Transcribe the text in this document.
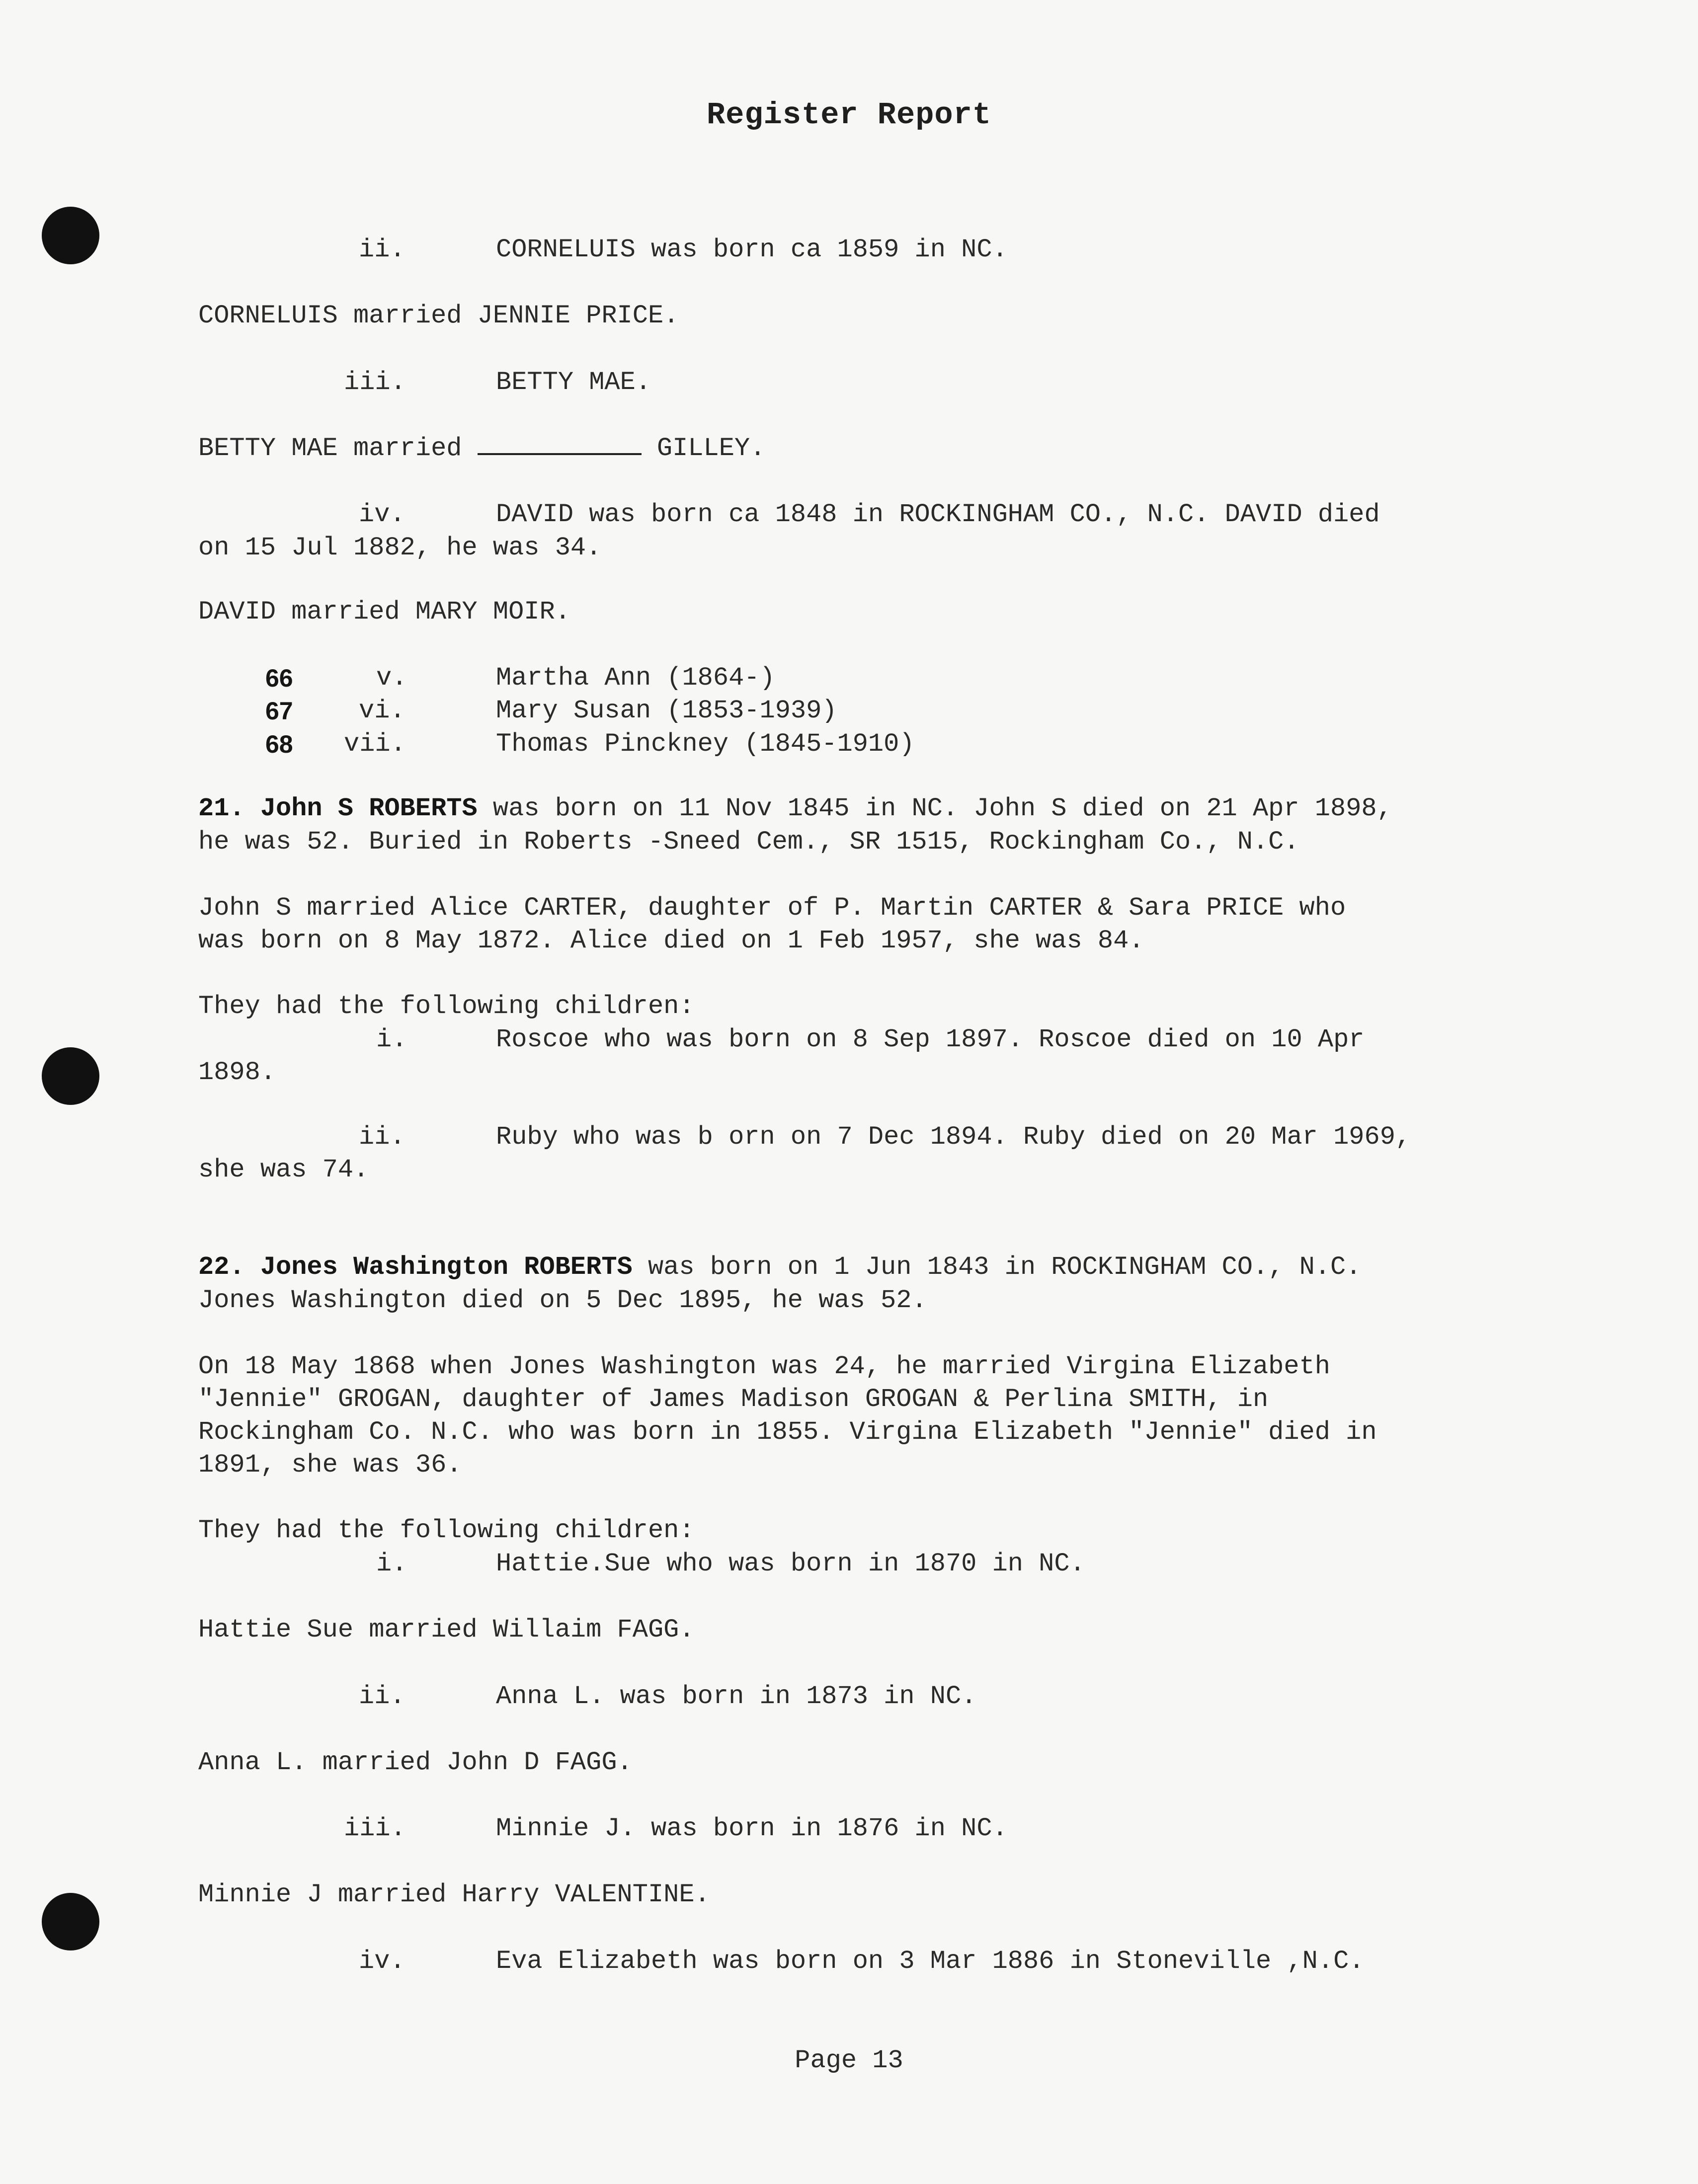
Register Report
ii.	CORNELUIS was born ca 1859 in NC.
CORNELUIS married JENNIE PRICE.
iii.	BETTY MAE.
BETTY MAE married	GILLEY.
iv.	DAVID was born ca 1848 in ROCKINGHAM CO., N.C. DAVID died
on 15 Jul 1882, he was 34.
DAVID married MARY MOIR.
66	v.	Martha Ann (1864-)
67	vi.	Mary Susan (1853-1939)
68 vii.	Thomas Pinckney (1845-1910)
21. John S ROBERTS was born on 11 Nov 1845 in NC. John S died on 21 Apr 1898,
he was 52. Buried in Roberts -Sneed Cem., SR 1515, Rockingham Co., N.C.
John S married Alice CARTER, daughter of P. Martin CARTER & Sara PRICE who
was born on 8 May 1872. Alice died on 1 Feb 1957, she was 84.
They had the following children:
i.	Roscoe who was born on 8 Sep 1897. Roscoe died on 10 Apr
1898.
ii.	Ruby who was b orn on 7 Dec 1894. Ruby died on 20 Mar 1969,
she was 74.
22. Jones Washington ROBERTS was born on 1 Jun 1843 in ROCKINGHAM CO., N.C.
Jones Washington died on 5 Dec 1895, he was 52.
On 18 May 1868 when Jones Washington was 24, he married Virgina Elizabeth
"Jennie" GROGAN, daughter of James Madison GROGAN & Perlina SMITH, in
Rockingham Co. N.C. who was born in 1855. Virgina Elizabeth "Jennie" died in
1891, she was 36.
They had the following children:
i.	Hattie.Sue who was born in 1870 in NC.
Hattie Sue married Willaim FAGG.
ii.	Anna L. was born in 1873 in NC.
Anna L. married John D FAGG.
iii.	Minnie J. was born in 1876 in NC.
Minnie J married Harry VALENTINE.
iv.	Eva Elizabeth was born on 3 Mar 1886 in Stoneville ,N.C.
Page 13
